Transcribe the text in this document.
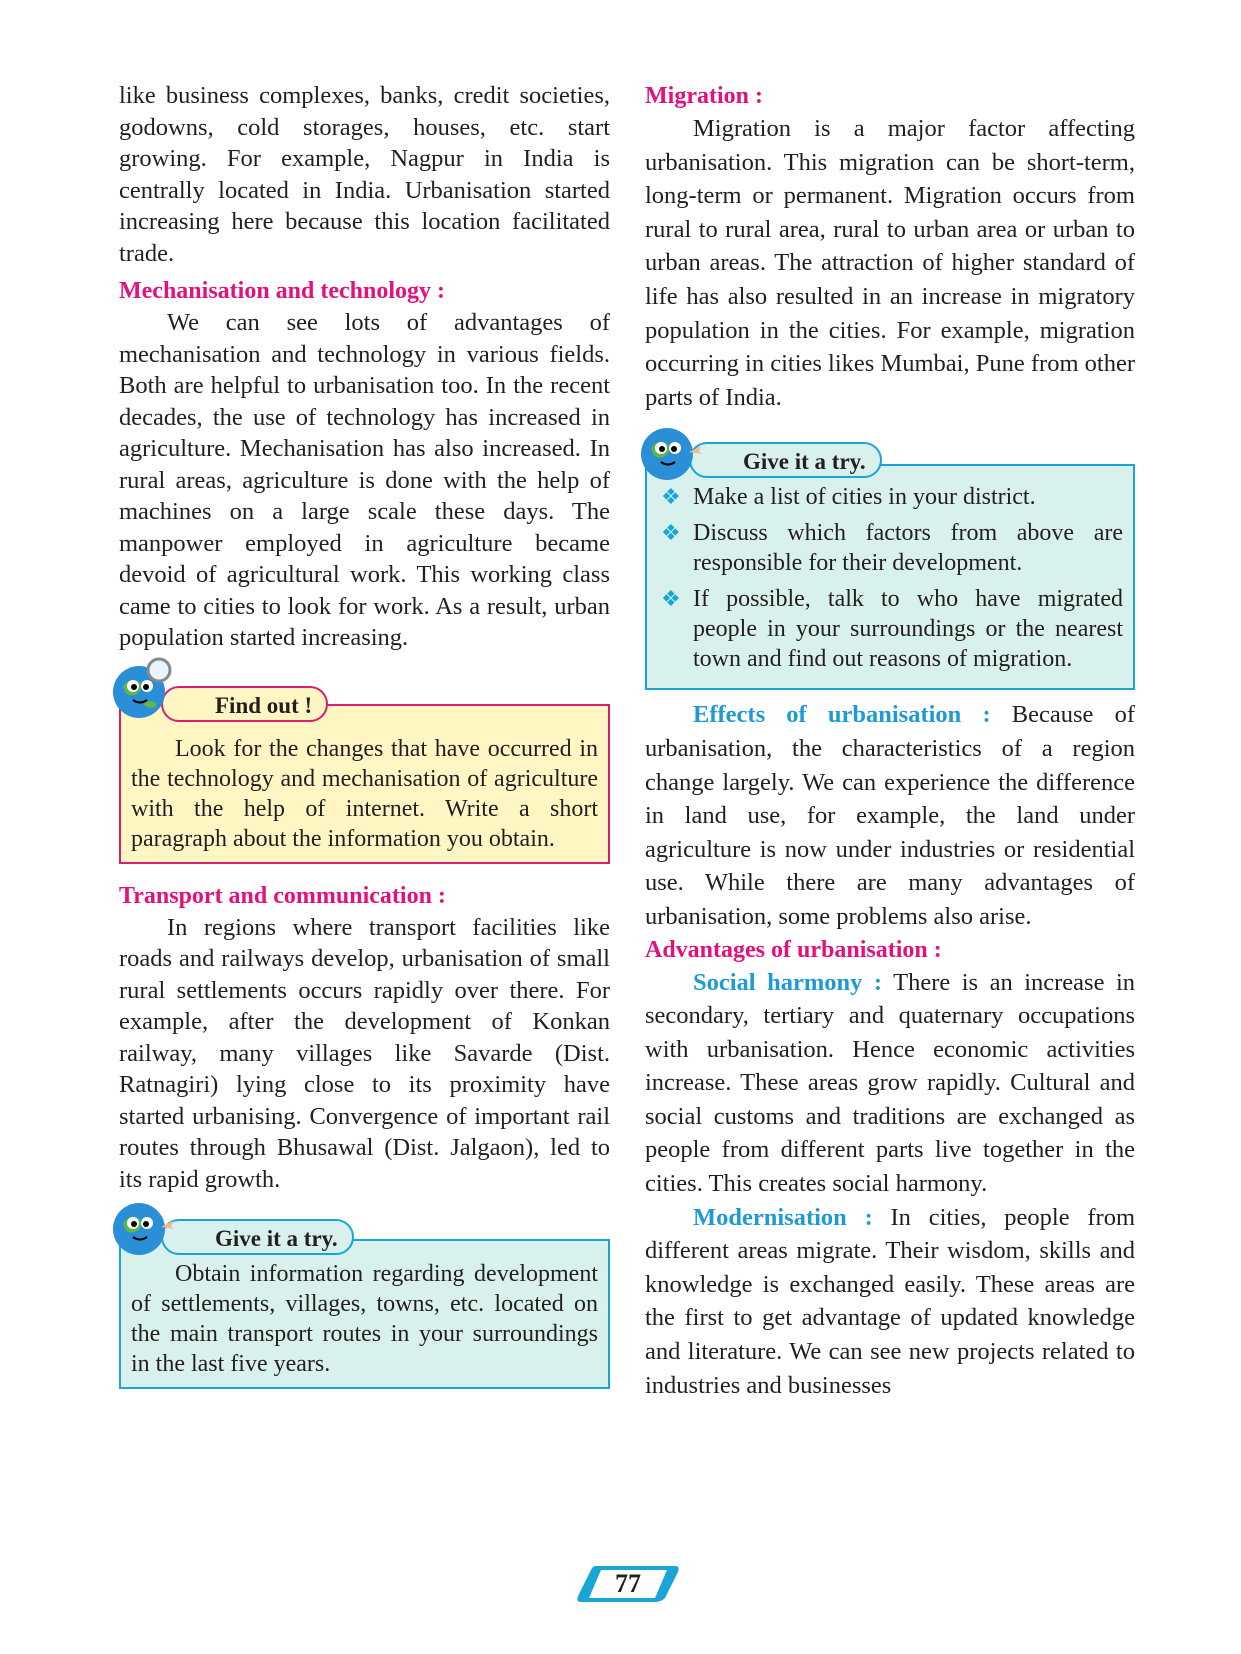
like business complexes, banks, credit societies, godowns, cold storages, houses, etc. start growing. For example, Nagpur in India is centrally located in India. Urbanisation started increasing here because this location facilitated trade.

Mechanisation and technology :

We can see lots of advantages of mechanisation and technology in various fields. Both are helpful to urbanisation too. In the recent decades, the use of technology has increased in agriculture. Mechanisation has also increased. In rural areas, agriculture is done with the help of machines on a large scale these days. The manpower employed in agriculture became devoid of agricultural work. This working class came to cities to look for work. As a result, urban population started increasing.

Find out !

Look for the changes that have occurred in the technology and mechanisation of agriculture with the help of internet. Write a short paragraph about the information you obtain.

Transport and communication :

In regions where transport facilities like roads and railways develop, urbanisation of small rural settlements occurs rapidly over there. For example, after the development of Konkan railway, many villages like Savarde (Dist. Ratnagiri) lying close to its proximity have started urbanising. Convergence of important rail routes through Bhusawal (Dist. Jalgaon), led to its rapid growth.

Give it a try.

Obtain information regarding development of settlements, villages, towns, etc. located on the main transport routes in your surroundings in the last five years.

Migration :

Migration is a major factor affecting urbanisation. This migration can be short-term, long-term or permanent. Migration occurs from rural to rural area, rural to urban area or urban to urban areas. The attraction of higher standard of life has also resulted in an increase in migratory population in the cities. For example, migration occurring in cities likes Mumbai, Pune from other parts of India.

Give it a try.
❖ Make a list of cities in your district.
❖ Discuss which factors from above are responsible for their development.
❖ If possible, talk to who have migrated people in your surroundings or the nearest town and find out reasons of migration.

Effects of urbanisation : Because of urbanisation, the characteristics of a region change largely. We can experience the difference in land use, for example, the land under agriculture is now under industries or residential use. While there are many advantages of urbanisation, some problems also arise.

Advantages of urbanisation :

Social harmony : There is an increase in secondary, tertiary and quaternary occupations with urbanisation. Hence economic activities increase. These areas grow rapidly. Cultural and social customs and traditions are exchanged as people from different parts live together in the cities. This creates social harmony.

Modernisation : In cities, people from different areas migrate. Their wisdom, skills and knowledge is exchanged easily. These areas are the first to get advantage of updated knowledge and literature. We can see new projects related to industries and businesses

77
